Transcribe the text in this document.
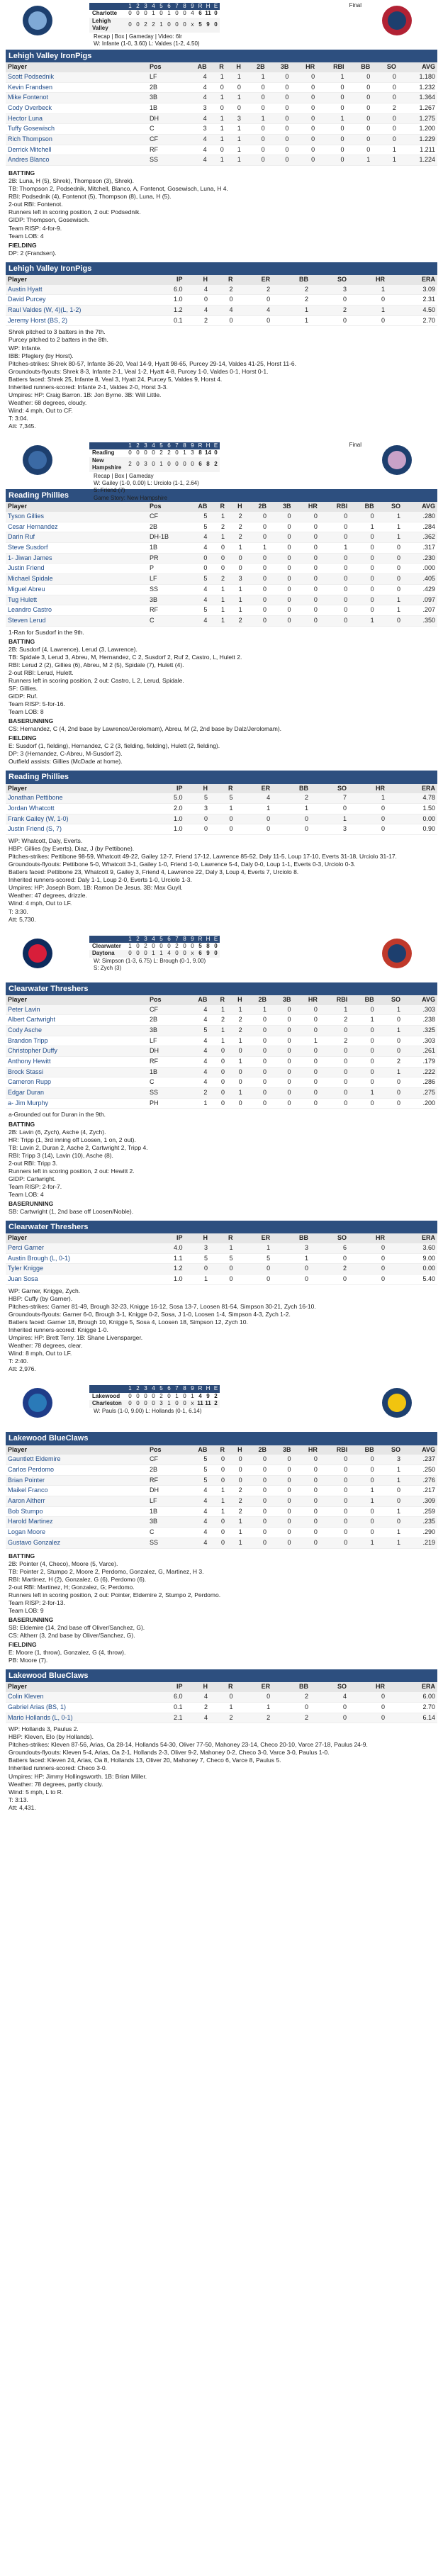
Final
	1	2	3	4	5	6	7	8	9	R	H	E
Charlotte	0	0	0	1	0	1	0	0	4	6	11	0
Lehigh Valley	0	0	2	2	1	0	0	0	x	5	9	0
Recap | Box | Gameday | Video: 6lr
W: Infante (1-0, 3.60) L: Valdes (1-2, 4.50)
Lehigh Valley IronPigs
Player	Pos	AB	R	H	2B	3B	HR	RBI	BB	SO	AVG
Scott Podsednik	LF	4	1	1	1	0	0	1	0	0	1.180
Kevin Frandsen	2B	4	0	0	0	0	0	0	0	0	1.232
Mike Fontenot	3B	4	1	1	0	0	0	0	0	0	1.364
Cody Overbeck	1B	3	0	0	0	0	0	0	0	2	1.267
Hector Luna	DH	4	1	3	1	0	0	1	0	0	1.275
Tuffy Gosewisch	C	3	1	1	0	0	0	0	0	0	1.200
Rich Thompson	CF	4	1	1	0	0	0	0	0	0	1.229
Derrick Mitchell	RF	4	0	1	0	0	0	0	0	1	1.211
Andres Blanco	SS	4	1	1	0	0	0	0	1	1	1.224
BATTING

2B: Luna, H (5), Shrek), Thompson (3), Shrek).

TB: Thompson 2, Podsednik, Mitchell, Blanco, A, Fontenot, Gosewisch, Luna, H 4.

RBI: Podsednik (4), Fontenot (5), Thompson (8), Luna, H (5).

2-out RBI: Fontenot.

Runners left in scoring position, 2 out: Podsednik.

GIDP: Thompson, Gosewisch.

Team RISP: 4-for-9.

Team LOB: 4

FIELDING

DP: 2 (Frandsen).

Lehigh Valley IronPigs
Player	IP	H	R	ER	BB	SO	HR	ERA
Austin Hyatt	6.0	4	2	2	2	3	1	3.09
David Purcey	1.0	0	0	0	2	0	0	2.31
Raul Valdes (W, 4)(L, 1-2)	1.2	4	4	4	1	2	1	4.50
Jeremy Horst (BS, 2)	0.1	2	0	0	1	0	0	2.70

Shrek pitched to 3 batters in the 7th.

Purcey pitched to 2 batters in the 8th.

WP: Infante.

IBB: Pfeglery (by Horst).

Pitches-strikes: Shrek 80-57, Infante 36-20, Veal 14-9, Hyatt 98-65, Purcey 29-14, Valdes 41-25, Horst 11-6.

Groundouts-flyouts: Shrek 8-3, Infante 2-1, Veal 1-2, Hyatt 4-8, Purcey 1-0, Valdes 0-1, Horst 0-1.

Batters faced: Shrek 25, Infante 8, Veal 3, Hyatt 24, Purcey 5, Valdes 9, Horst 4.

Inherited runners-scored: Infante 2-1, Valdes 2-0, Horst 3-3.

Umpires: HP: Craig Barron. 1B: Jon Byrne. 3B: Will Little.

Weather: 68 degrees, cloudy.

Wind: 4 mph, Out to CF.

T: 3:04.

Att: 7,345.

Final
	1	2	3	4	5	6	7	8	9	R	H	E
Reading	0	0	0	0	2	2	0	1	3	8	14	0
New Hampshire	2	0	3	0	1	0	0	0	0	6	8	2
Recap | Box | Gameday
W: Gailey (1-0, 0.00) L: Urciolo (1-1, 2.64)
S: Friend (7)
Game Story: New Hampshire
Reading Phillies
Player	Pos	AB	R	H	2B	3B	HR	RBI	BB	SO	AVG
Tyson Gillies	CF	5	1	2	0	0	0	0	0	1	.280
Cesar Hernandez	2B	5	2	2	0	0	0	0	1	1	.284
Darin Ruf	DH-1B	4	1	2	0	0	0	0	0	1	.362
Steve Susdorf	1B	4	0	1	1	0	0	1	0	0	.317
1- Jiwan James	PR	0	0	0	0	0	0	0	0	0	.230
Justin Friend	P	0	0	0	0	0	0	0	0	0	.000
Michael Spidale	LF	5	2	3	0	0	0	0	0	0	.405
Miguel Abreu	SS	4	1	1	0	0	0	0	0	0	.429
Tug Hulett	3B	4	1	1	0	0	0	0	0	1	.097
Leandro Castro	RF	5	1	1	0	0	0	0	0	1	.207
Steven Lerud	C	4	1	2	0	0	0	0	1	0	.350

1-Ran for Susdorf in the 9th.

BATTING

2B: Susdorf (4, Lawrence), Lerud (3, Lawrence).

TB: Spidale 3, Lerud 3, Abreu, M, Hernandez, C 2, Susdorf 2, Ruf 2, Castro, L, Hulett 2.

RBI: Lerud 2 (2), Gillies (6), Abreu, M 2 (5), Spidale (7), Hulett (4).

2-out RBI: Lerud, Hulett.

Runners left in scoring position, 2 out: Castro, L 2, Lerud, Spidale.

SF: Gillies.

GIDP: Ruf.

Team RISP: 5-for-16.

Team LOB: 8

BASERUNNING

CS: Hernandez, C (4, 2nd base by Lawrence/Jerolomam), Abreu, M (2, 2nd base by Dalz/Jerolomam).

FIELDING

E: Susdorf (1, fielding), Hernandez, C 2 (3, fielding, fielding), Hulett (2, fielding).

DP: 3 (Hernandez, C-Abreu, M-Susdorf 2).

Outfield assists: Gillies (McDade at home).

Reading Phillies
Player	IP	H	R	ER	BB	SO	HR	ERA
Jonathan Pettibone	5.0	5	5	4	2	7	1	4.78
Jordan Whatcott	2.0	3	1	1	1	0	0	1.50
Frank Gailey (W, 1-0)	1.0	0	0	0	0	1	0	0.00
Justin Friend (S, 7)	1.0	0	0	0	0	3	0	0.90

WP: Whatcott, Daly, Everts.

HBP: Gillies (by Everts), Diaz, J (by Pettibone).

Pitches-strikes: Pettibone 98-59, Whatcott 49-22, Gailey 12-7, Friend 17-12, Lawrence 85-52, Daly 11-5, Loup 17-10, Everts 31-18, Urciolo 31-17.

Groundouts-flyouts: Pettibone 5-0, Whatcott 3-1, Gailey 1-0, Friend 1-0, Lawrence 5-4, Daly 0-0, Loup 1-1, Everts 0-3, Urciolo 0-3.

Batters faced: Pettibone 23, Whatcott 9, Gailey 3, Friend 4, Lawrence 22, Daly 3, Loup 4, Everts 7, Urciolo 8.

Inherited runners-scored: Daly 1-1, Loup 2-0, Everts 1-0, Urciolo 1-3.

Umpires: HP: Joseph Born. 1B: Ramon De Jesus. 3B: Max Guyll.

Weather: 47 degrees, drizzle.

Wind: 4 mph, Out to LF.

T: 3:30.

Att: 5,730.

	1	2	3	4	5	6	7	8	9	R	H	E
Clearwater	1	0	2	0	0	0	2	0	0	5	8	0
Daytona	0	0	0	1	1	4	0	0	x	6	9	0
W: Simpson (1-3, 6.75) L: Brough (0-1, 9.00)
S: Zych (3)
Clearwater Threshers
Player	Pos	AB	R	H	2B	3B	HR	RBI	BB	SO	AVG
Peter Lavin	CF	4	1	1	1	0	0	1	0	1	.303
Albert Cartwright	2B	4	2	2	0	0	0	2	1	0	.238
Cody Asche	3B	5	1	2	0	0	0	0	0	1	.325
Brandon Tripp	LF	4	1	1	0	0	1	2	0	0	.303
Christopher Duffy	DH	4	0	0	0	0	0	0	0	0	.261
Anthony Hewitt	RF	4	0	1	0	0	0	0	0	2	.179
Brock Stassi	1B	4	0	0	0	0	0	0	0	1	.222
Cameron Rupp	C	4	0	0	0	0	0	0	0	0	.286
Edgar Duran	SS	2	0	1	0	0	0	0	1	0	.275
a- Jim Murphy	PH	1	0	0	0	0	0	0	0	0	.200

a-Grounded out for Duran in the 9th.

BATTING

2B: Lavin (6, Zych), Asche (4, Zych).

HR: Tripp (1, 3rd inning off Loosen, 1 on, 2 out).

TB: Lavin 2, Duran 2, Asche 2, Cartwright 2, Tripp 4.

RBI: Tripp 3 (14), Lavin (10), Asche (8).

2-out RBI: Tripp 3.

Runners left in scoring position, 2 out: Hewitt 2.

GIDP: Cartwright.

Team RISP: 2-for-7.

Team LOB: 4

BASERUNNING

SB: Cartwright (1, 2nd base off Loosen/Noble).

Clearwater Threshers
Player	IP	H	R	ER	BB	SO	HR	ERA
Perci Garner	4.0	3	1	1	3	6	0	3.60
Austin Brough (L, 0-1)	1.1	5	5	5	1	0	0	9.00
Tyler Knigge	1.2	0	0	0	0	2	0	0.00
Juan Sosa	1.0	1	0	0	0	0	0	5.40

WP: Garner, Knigge, Zych.

HBP: Cuffy (by Garner).

Pitches-strikes: Garner 81-49, Brough 32-23, Knigge 16-12, Sosa 13-7, Loosen 81-54, Simpson 30-21, Zych 16-10.

Groundouts-flyouts: Garner 6-0, Brough 3-1, Knigge 0-2, Sosa, J 1-0, Loosen 1-4, Simpson 4-3, Zych 1-2.

Batters faced: Garner 18, Brough 10, Knigge 5, Sosa 4, Loosen 18, Simpson 12, Zych 10.

Inherited runners-scored: Knigge 1-0.

Umpires: HP: Brett Terry. 1B: Shane Livensparger.

Weather: 78 degrees, clear.

Wind: 8 mph, Out to LF.

T: 2:40.

Att: 2,976.

	1	2	3	4	5	6	7	8	9	R	H	E
Lakewood	0	0	0	0	2	0	1	0	1	4	9	2
Charleston	0	0	0	0	3	1	0	0	x	11	11	2
W: Pauls (1-0, 9.00) L: Hollands (0-1, 6.14)
Lakewood BlueClaws
Player	Pos	AB	R	H	2B	3B	HR	RBI	BB	SO	AVG
Gauntlett Eldemire	CF	5	0	0	0	0	0	0	0	3	.237
Carlos Perdomo	2B	5	0	0	0	0	0	0	0	1	.250
Brian Pointer	RF	5	0	0	0	0	0	0	0	1	.276
Maikel Franco	DH	4	1	2	0	0	0	0	1	0	.217
Aaron Altherr	LF	4	1	2	0	0	0	0	1	0	.309
Bob Stumpo	1B	4	1	2	0	0	0	0	0	1	.259
Harold Martinez	3B	4	0	1	0	0	0	0	0	0	.235
Logan Moore	C	4	0	1	0	0	0	0	0	1	.290
Gustavo Gonzalez	SS	4	0	1	0	0	0	0	1	1	.219
BATTING

2B: Pointer (4, Checo), Moore (5, Varce).

TB: Pointer 2, Stumpo 2, Moore 2, Perdomo, Gonzalez, G, Martinez, H 3.

RBI: Martinez, H (2), Gonzalez, G (6), Perdomo (6).

2-out RBI: Martinez, H; Gonzalez, G; Perdomo.

Runners left in scoring position, 2 out: Pointer, Eldemire 2, Stumpo 2, Perdomo.

Team RISP: 2-for-13.

Team LOB: 9

BASERUNNING

SB: Eldemire (14, 2nd base off Oliver/Sanchez, G).

CS: Altherr (3, 2nd base by Oliver/Sanchez, G).

FIELDING

E: Moore (1, throw), Gonzalez, G (4, throw).

PB: Moore (7).

Lakewood BlueClaws
Player	IP	H	R	ER	BB	SO	HR	ERA
Colin Kleven	6.0	4	0	0	2	4	0	6.00
Gabriel Arias (BS, 1)	0.1	2	1	1	0	0	0	2.70
Mario Hollands (L, 0-1)	2.1	4	2	2	2	0	0	6.14

WP: Hollands 3, Paulus 2.

HBP: Kleven, Elo (by Hollands).

Pitches-strikes: Kleven 87-56, Arias, Oa 28-14, Hollands 54-30, Oliver 77-50, Mahoney 23-14, Checo 20-10, Varce 27-18, Paulus 24-9.

Groundouts-flyouts: Kleven 5-4, Arias, Oa 2-1, Hollands 2-3, Oliver 9-2, Mahoney 0-2, Checo 3-0, Varce 3-0, Paulus 1-0.

Batters faced: Kleven 24, Arias, Oa 8, Hollands 13, Oliver 20, Mahoney 7, Checo 6, Varce 8, Paulus 5.

Inherited runners-scored: Checo 3-0.

Umpires: HP: Jimmy Hollingsworth. 1B: Brian Miller.

Weather: 78 degrees, partly cloudy.

Wind: 5 mph, L to R.

T: 3:13.

Att: 4,431.
